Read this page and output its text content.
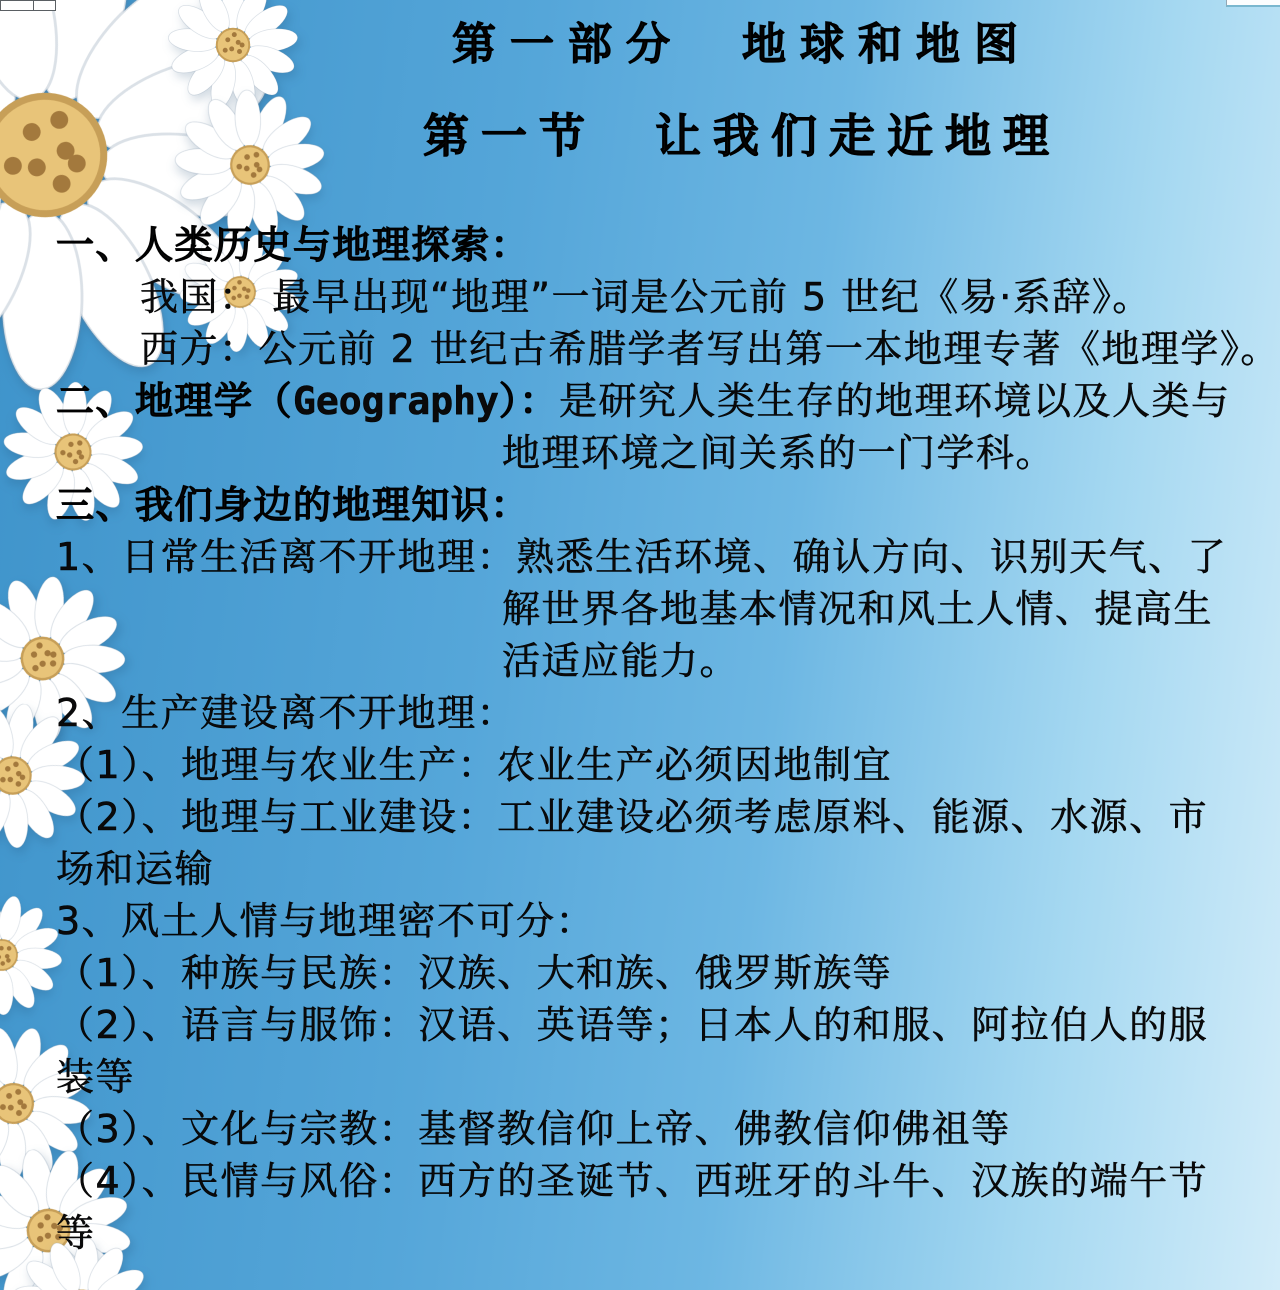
第一部分　地球和地图
第一节　让我们走近地理
一、人类历史与地理探索：
我国： 最早出现“地理”一词是公元前 5 世纪《易·系辞》。
西方：公元前 2 世纪古希腊学者写出第一本地理专著《地理学》。
二、地理学（Geography）：是研究人类生存的地理环境以及人类与
地理环境之间关系的一门学科。
三、我们身边的地理知识：
1、日常生活离不开地理：熟悉生活环境、确认方向、识别天气、了
解世界各地基本情况和风土人情、提高生
活适应能力。
2、生产建设离不开地理：
（1）、地理与农业生产：农业生产必须因地制宜
（2）、地理与工业建设：工业建设必须考虑原料、能源、水源、市
场和运输
3、风土人情与地理密不可分：
（1）、种族与民族：汉族、大和族、俄罗斯族等
（2）、语言与服饰：汉语、英语等；日本人的和服、阿拉伯人的服
装等
（3）、文化与宗教：基督教信仰上帝、佛教信仰佛祖等
（4）、民情与风俗：西方的圣诞节、西班牙的斗牛、汉族的端午节
等
